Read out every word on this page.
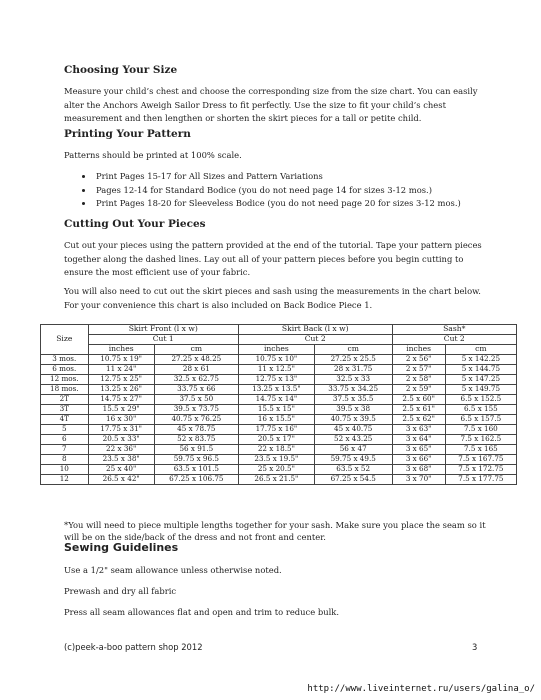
Choosing Your Size

Measure your child’s chest and choose the corresponding size from the size chart. You can easily alter the Anchors Aweigh Sailor Dress to fit perfectly. Use the size to fit your child’s chest measurement and then lengthen or shorten the skirt pieces for a tall or petite child.

Printing Your Pattern

Patterns should be printed at 100% scale.

• Print Pages 15-17 for All Sizes and Pattern Variations
• Pages 12-14 for Standard Bodice (you do not need page 14 for sizes 3-12 mos.)
• Print Pages 18-20 for Sleeveless Bodice (you do not need page 20 for sizes 3-12 mos.)
Cutting Out Your Pieces

Cut out your pieces using the pattern provided at the end of the tutorial. Tape your pattern pieces together along the dashed lines. Lay out all of your pattern pieces before you begin cutting to ensure the most efficient use of your fabric.

You will also need to cut out the skirt pieces and sash using the measurements in the chart below. For your convenience this chart is also included on Back Bodice Piece 1.

Size	Skirt Front (l x w)		Skirt Back (l x w)		Sash*	
	Cut 1		Cut 2		Cut 2	
	inches	cm	inches	cm	inches	cm
3 mos.	10.75 x 19"	27.25 x 48.25	10.75 x 10"	27.25 x 25.5	2 x 56"	5 x 142.25
6 mos.	11 x 24"	28 x 61	11 x 12.5"	28 x 31.75	2 x 57"	5 x 144.75
12 mos.	12.75 x 25"	32.5 x 62.75	12.75 x 13"	32.5 x 33	2 x 58"	5 x 147.25
18 mos.	13.25 x 26"	33.75 x 66	13.25 x 13.5"	33.75 x 34.25	2 x 59"	5 x 149.75
2T	14.75 x 27"	37.5 x 50	14.75 x 14"	37.5 x 35.5	2.5 x 60"	6.5 x 152.5
3T	15.5 x 29"	39.5 x 73.75	15.5 x 15"	39.5 x 38	2.5 x 61"	6.5 x 155
4T	16 x 30"	40.75 x 76.25	16 x 15.5"	40.75 x 39.5	2.5 x 62"	6.5 x 157.5
5	17.75 x 31"	45 x 78.75	17.75 x 16"	45 x 40.75	3 x 63"	7.5 x 160
6	20.5 x 33"	52 x 83.75	20.5 x 17"	52 x 43.25	3 x 64"	7.5 x 162.5
7	22 x 36"	56 x 91.5	22 x 18.5"	56 x 47	3 x 65"	7.5 x 165
8	23.5 x 38"	59.75 x 96.5	23.5 x 19.5"	59.75 x 49.5	3 x 66"	7.5 x 167.75
10	25 x 40"	63.5 x 101.5	25 x 20.5"	63.5 x 52	3 x 68"	7.5 x 172.75
12	26.5 x 42"	67.25 x 106.75	26.5 x 21.5"	67.25 x 54.5	3 x 70"	7.5 x 177.75

*You will need to piece multiple lengths together for your sash. Make sure you place the seam so it will be on the side/back of the dress and not front and center.

Sewing Guidelines

Use a 1/2" seam allowance unless otherwise noted.

Prewash and dry all fabric

Press all seam allowances flat and open and trim to reduce bulk.

(c)peek-a-boo pattern shop 2012	3
http://www.liveinternet.ru/users/galina_o/
